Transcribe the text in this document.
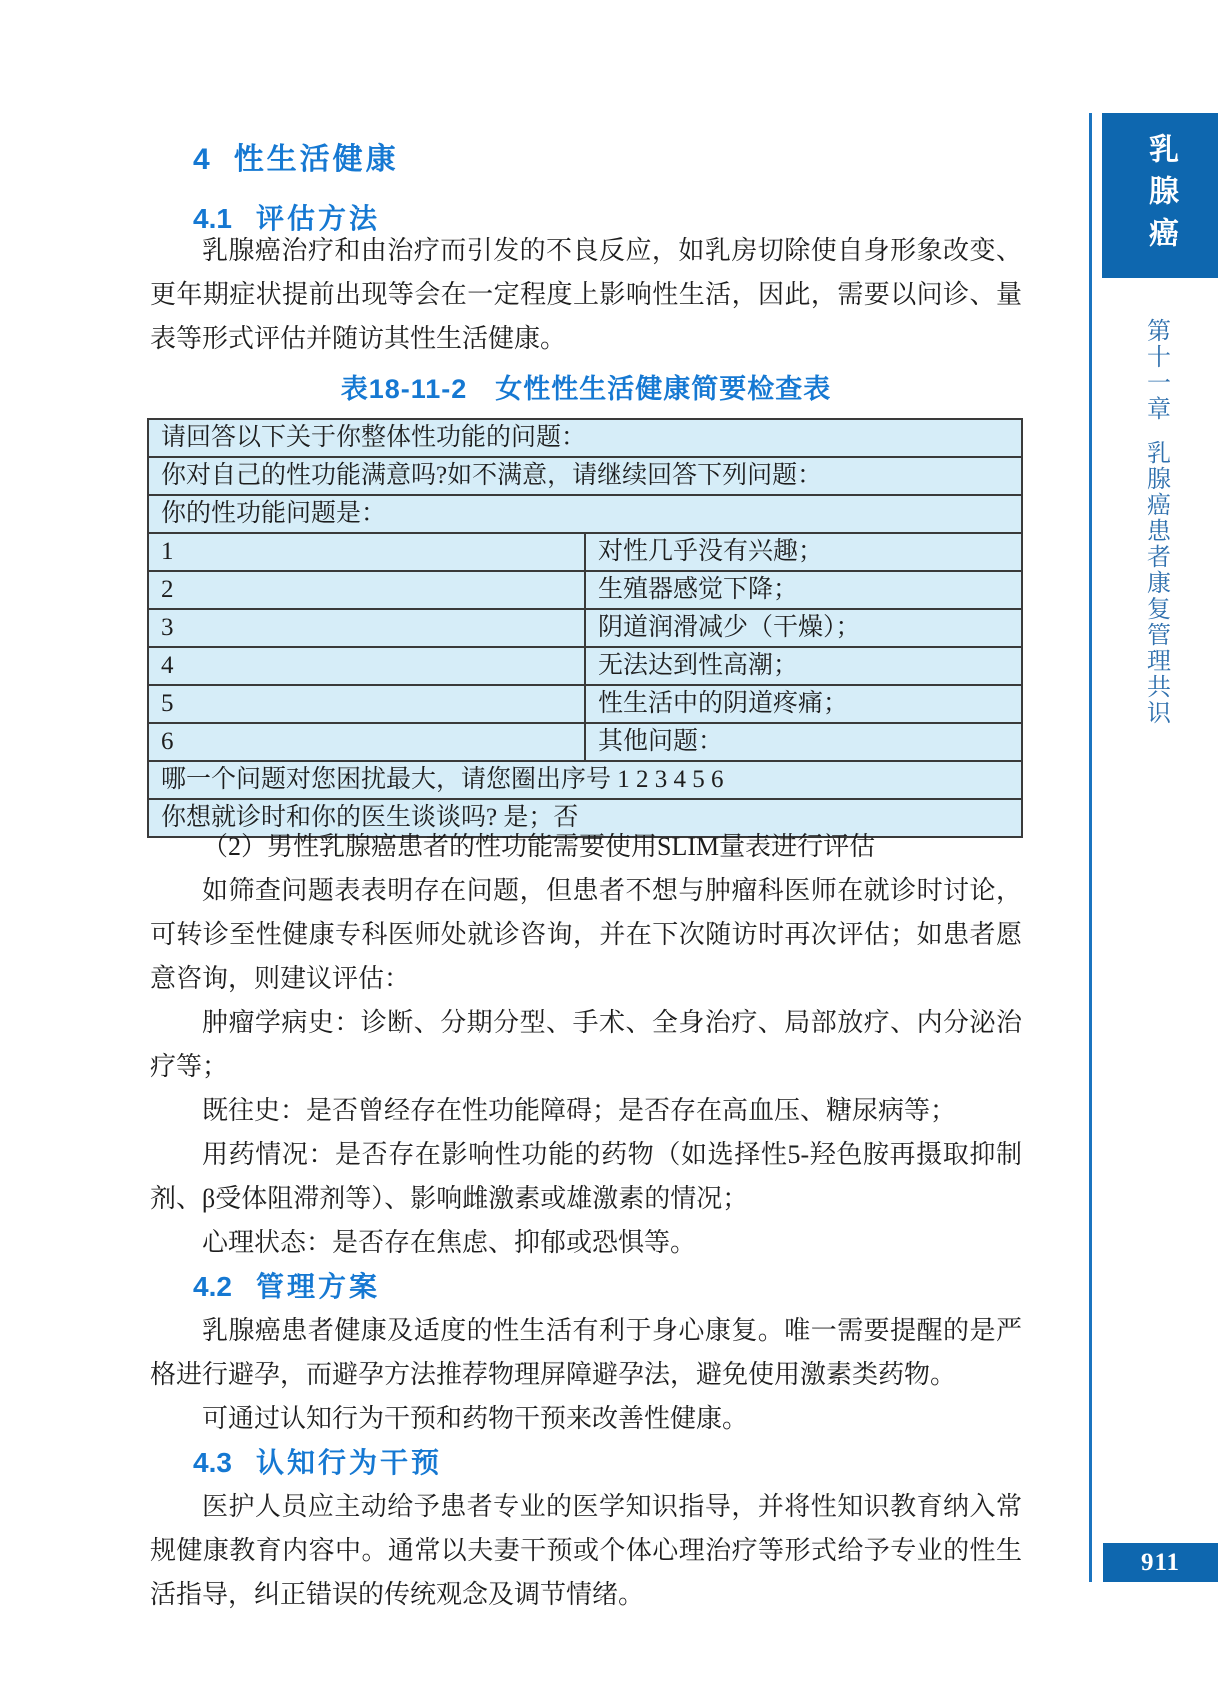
4 性生活健康
4.1 评估方法

乳腺癌治疗和由治疗而引发的不良反应，如乳房切除使自身形象改变、更年期症状提前出现等会在一定程度上影响性生活，因此，需要以问诊、量表等形式评估并随访其性生活健康。

表18-11-2　女性性生活健康简要检查表
请回答以下关于你整体性功能的问题：	
你对自己的性功能满意吗?如不满意，请继续回答下列问题：	
你的性功能问题是：	
1	对性几乎没有兴趣；
2	生殖器感觉下降；
3	阴道润滑减少（干燥）；
4	无法达到性高潮；
5	性生活中的阴道疼痛；
6	其他问题：
哪一个问题对您困扰最大，请您圈出序号 1 2 3 4 5 6	
你想就诊时和你的医生谈谈吗? 是；否	

（2）男性乳腺癌患者的性功能需要使用SLIM量表进行评估

如筛查问题表表明存在问题，但患者不想与肿瘤科医师在就诊时讨论，可转诊至性健康专科医师处就诊咨询，并在下次随访时再次评估；如患者愿意咨询，则建议评估：

肿瘤学病史：诊断、分期分型、手术、全身治疗、局部放疗、内分泌治疗等；

既往史：是否曾经存在性功能障碍；是否存在高血压、糖尿病等；

用药情况：是否存在影响性功能的药物（如选择性5-羟色胺再摄取抑制剂、β受体阻滞剂等）、影响雌激素或雄激素的情况；

心理状态：是否存在焦虑、抑郁或恐惧等。

4.2 管理方案

乳腺癌患者健康及适度的性生活有利于身心康复。唯一需要提醒的是严格进行避孕，而避孕方法推荐物理屏障避孕法，避免使用激素类药物。

可通过认知行为干预和药物干预来改善性健康。

4.3 认知行为干预

医护人员应主动给予患者专业的医学知识指导，并将性知识教育纳入常规健康教育内容中。通常以夫妻干预或个体心理治疗等形式给予专业的性生活指导，纠正错误的传统观念及调节情绪。

乳腺癌
第十一章乳腺癌患者康复管理共识
911
